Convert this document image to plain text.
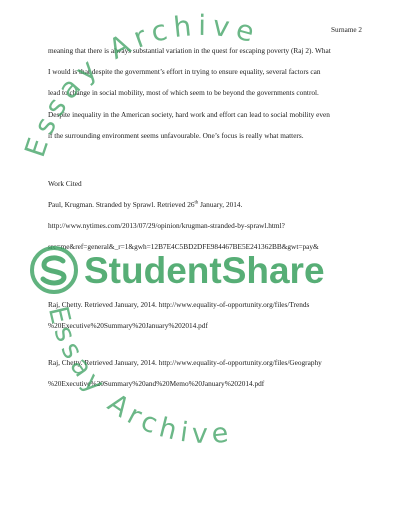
Surname 2
meaning that there is always substantial variation in the quest for escaping poverty (Raj 2). What
I would is that despite the government’s effort in trying to ensure equality, several factors can
lead to change in social mobility, most of which seem to be beyond the governments control.
Despite inequality in the American society, hard work and effort can lead to social mobility even
if the surrounding environment seems unfavourable. One’s focus is really what matters.
Work Cited
Paul, Krugman. Stranded by Sprawl. Retrieved 26th January, 2014.
http://www.nytimes.com/2013/07/29/opinion/krugman-stranded-by-sprawl.html?
src=me&ref=general&_r=1&gwh=12B7E4C5BD2DFE984467BE5E241362BB&gwt=pay&
Raj, Chetty. Retrieved January, 2014. http://www.equality-of-opportunity.org/files/Trends
%20Executive%20Summary%20January%202014.pdf
Raj, Chetty. Retrieved January, 2014. http://www.equality-of-opportunity.org/files/Geography
%20Executive%20Summary%20and%20Memo%20January%202014.pdf
Essay Archive
Essay Archive
StudentShare
